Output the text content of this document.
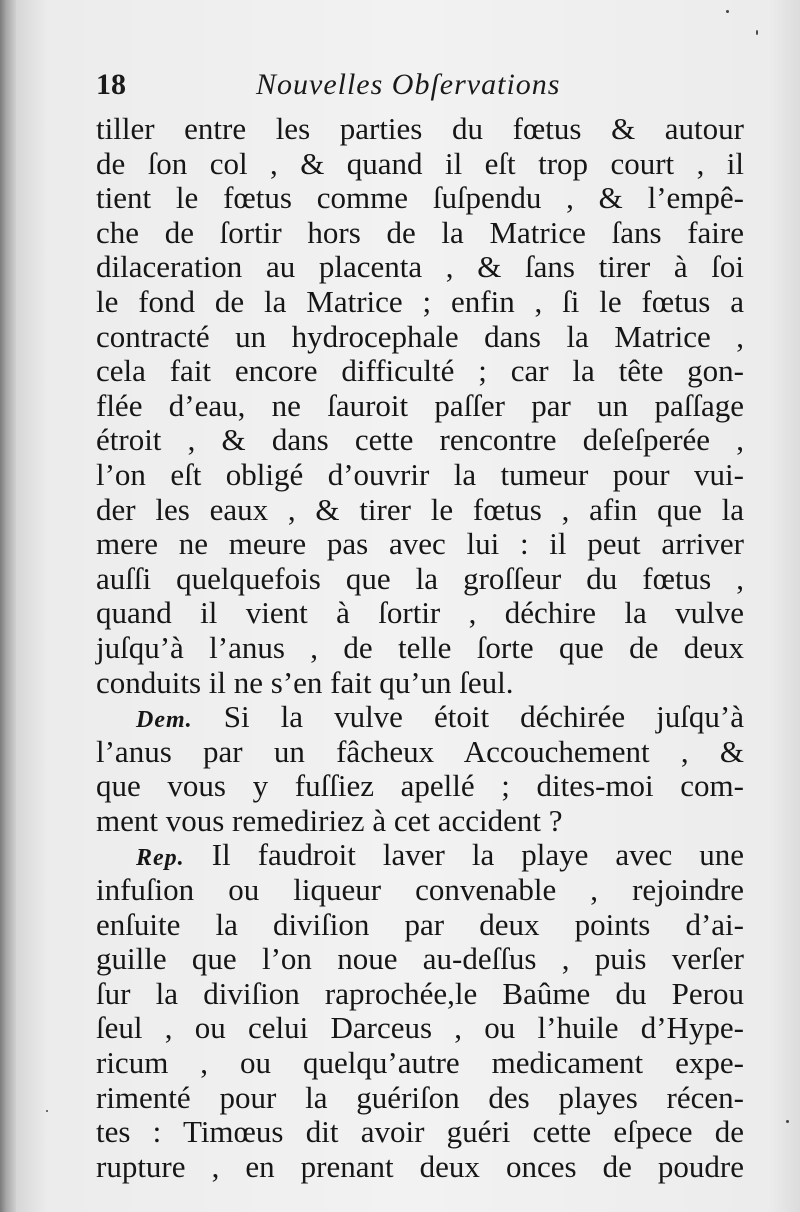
18	Nouvelles Obſervations
tiller entre les parties du fœtus & autour
de ſon col , & quand il eſt trop court , il
tient le fœtus comme ſuſpendu , & l’empê-
che de ſortir hors de la Matrice ſans faire
dilaceration au placenta , & ſans tirer à ſoi
le fond de la Matrice ; enfin , ſi le fœtus a
contracté un hydrocephale dans la Matrice ,
cela fait encore difficulté ; car la tête gon-
flée d’eau, ne ſauroit paſſer par un paſſage
étroit , & dans cette rencontre deſeſperée ,
l’on eſt obligé d’ouvrir la tumeur pour vui-
der les eaux , & tirer le fœtus , afin que la
mere ne meure pas avec lui : il peut arriver
auſſi quelquefois que la groſſeur du fœtus ,
quand il vient à ſortir , déchire la vulve
juſqu’à l’anus , de telle ſorte que de deux
conduits il ne s’en fait qu’un ſeul.
Dem. Si la vulve étoit déchirée juſqu’à
l’anus par un fâcheux Accouchement , &
que vous y fuſſiez apellé ; dites-moi com-
ment vous remediriez à cet accident ?
Rep. Il faudroit laver la playe avec une
infuſion ou liqueur convenable , rejoindre
enſuite la diviſion par deux points d’ai-
guille que l’on noue au-deſſus , puis verſer
ſur la diviſion raprochée,le Baûme du Perou
ſeul , ou celui Darceus , ou l’huile d’Hype-
ricum , ou quelqu’autre medicament expe-
rimenté pour la guériſon des playes récen-
tes : Timœus dit avoir guéri cette eſpece de
rupture , en prenant deux onces de poudre
